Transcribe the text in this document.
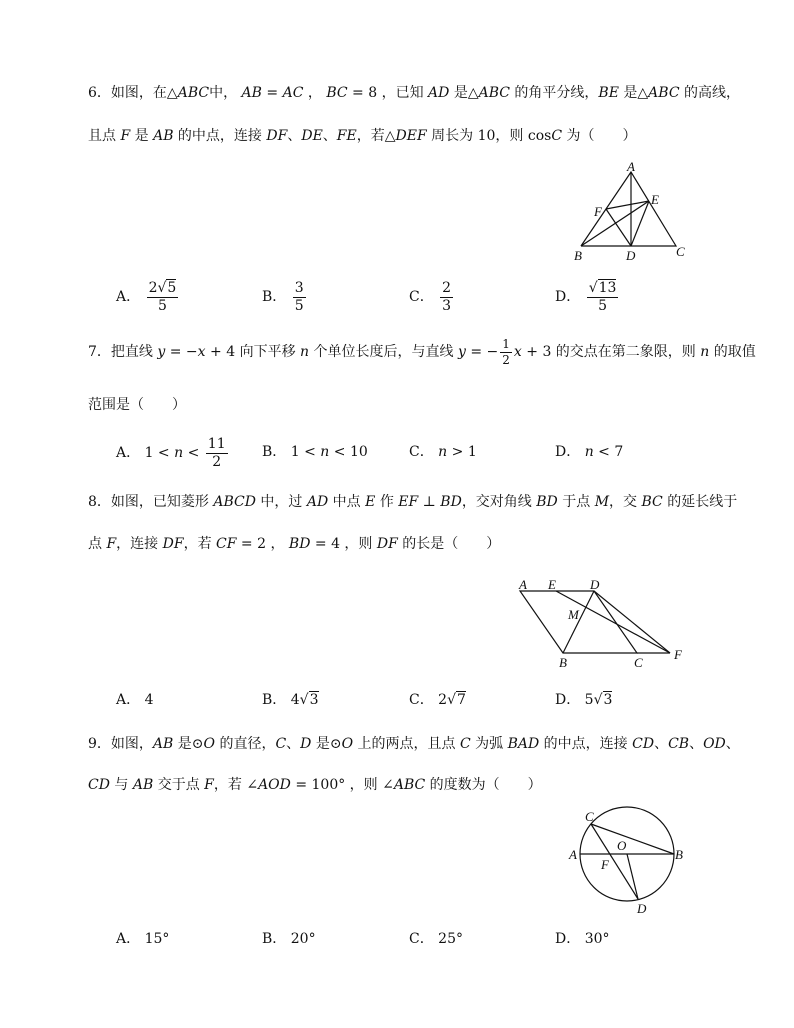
6．如图，在△ABC中， AB = AC ， BC = 8 ，已知 AD 是△ABC 的角平分线，BE 是△ABC 的高线，
且点 F 是 AB 的中点，连接 DF、DE、FE，若△DEF 周长为 10，则 cosC 为（　　）
A
E
F
B	D	C
A． $\frac{2√5}{5}$	B． $\frac{3}{5}$	C． $\frac{2}{3}$	D． $\frac{√13}{5}$
7．把直线 y = −x + 4 向下平移 n 个单位长度后，与直线 y = − $\frac{1}{2}$ x + 3 的交点在第二象限，则 n 的取值
范围是（　　）
A． $1 < n < \frac{11}{2}$ B． 1 < n < 10	C． n > 1	D． n < 7
8．如图，已知菱形 ABCD 中，过 AD 中点 E 作 EF ⊥ BD，交对角线 BD 于点 M，交 BC 的延长线于
点 F，连接 DF，若 CF = 2 ， BD = 4 ，则 DF 的长是（　　）
A E	D
M
B	C
F
A． 4	B． 4√3	C． 2√7	D． 5√3
9．如图，AB 是⊙O 的直径，C、D 是⊙O 上的两点，且点 C 为弧 BAD 的中点，连接 CD、CB、OD、
CD 与 AB 交于点 F，若 ∠AOD = 100° ，则 ∠ABC 的度数为（　　）
C
A
O
F
B
D
A． 15°	B． 20°	C． 25°	D． 30°
